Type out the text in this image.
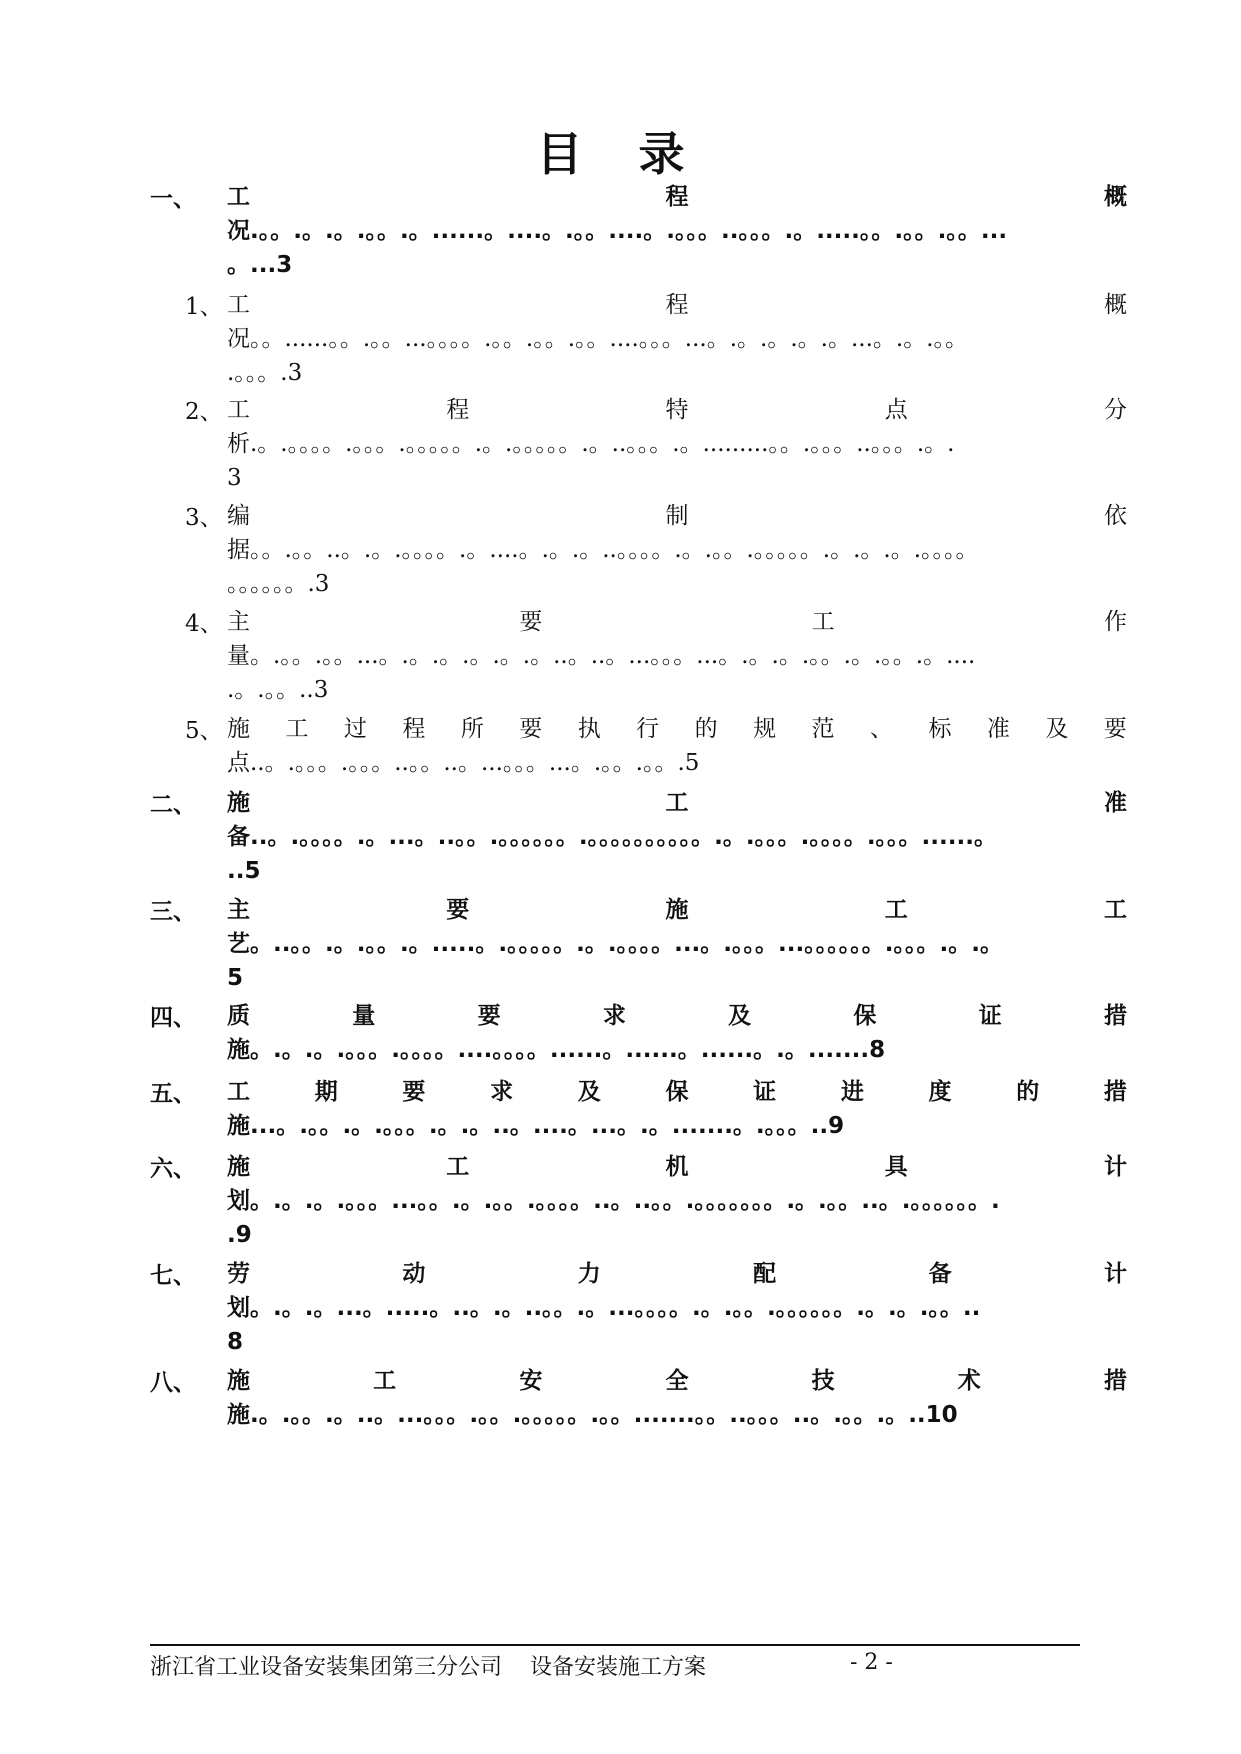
目 录
一、 工	程	概
况.。。.。.。.。。.。......。....。.。。....。.。。。..。。。.。.....。。.。。.。。...
。...3
1、 工	程	概
况。。......。。.。。...。。。。.。。.。。.。。....。。。...。.。.。.。.。...。.。.。。
.。。。.3
2、 工	程	特	点	分
析.。.。。。。.。。。.。。。。。.。.。。。。。.。..。。。.。.........。。.。。。..。。。.。.
3
3、 编	制	依
据。。.。。..。.。.。。。。.。....。.。.。..。。。。.。.。。.。。。。。.。.。.。.。。。。
。。。。。。.3
4、 主	要	工	作
量。.。。.。。...。.。.。.。.。.。..。..。...。。。...。.。.。.。。.。.。。.。....
.。.。。..3
5、 施 工 过 程 所 要 执 行 的 规 范 、 标 准 及 要
点..。.。。。.。。。..。。..。...。。。...。.。。.。。.5
二、 施	工	准
备..。.。。。。.。...。..。。.。。。。。。.。。。。。。。。。。.。.。。。.。。。。.。。。......。
..5
三、 主	要	施	工	工
艺。..。。.。.。。.。.....。.。。。。。.。.。。。。...。.。。。...。。。。。。.。。。.。.。
5
四、 质	量	要	求	及	保	证	措
施。.。.。.。。。.。。。。....。。。。......。......。......。.。.......8
五、 工	期	要	求	及	保	证	进	度	的	措
施...。.。。.。.。。。.。.。..。....。...。.。.......。.。。。..9
六、 施	工	机	具	计
划。.。.。.。。。...。。.。.。。.。。。。..。..。。.。。。。。。。.。.。。..。.。。。。。。.
.9
七、 劳	动	力	配	备	计
划。.。.。...。.....。..。.。..。。.。...。。。。.。.。。.。。。。。。.。.。.。。..
8
八、 施	工	安	全	技	术	措
施.。.。。.。..。...。。。.。。.。。。。。.。。.......。。..。。。..。.。。.。..10
浙江省工业设备安装集团第三分公司 设备安装施工方案	- 2 -
